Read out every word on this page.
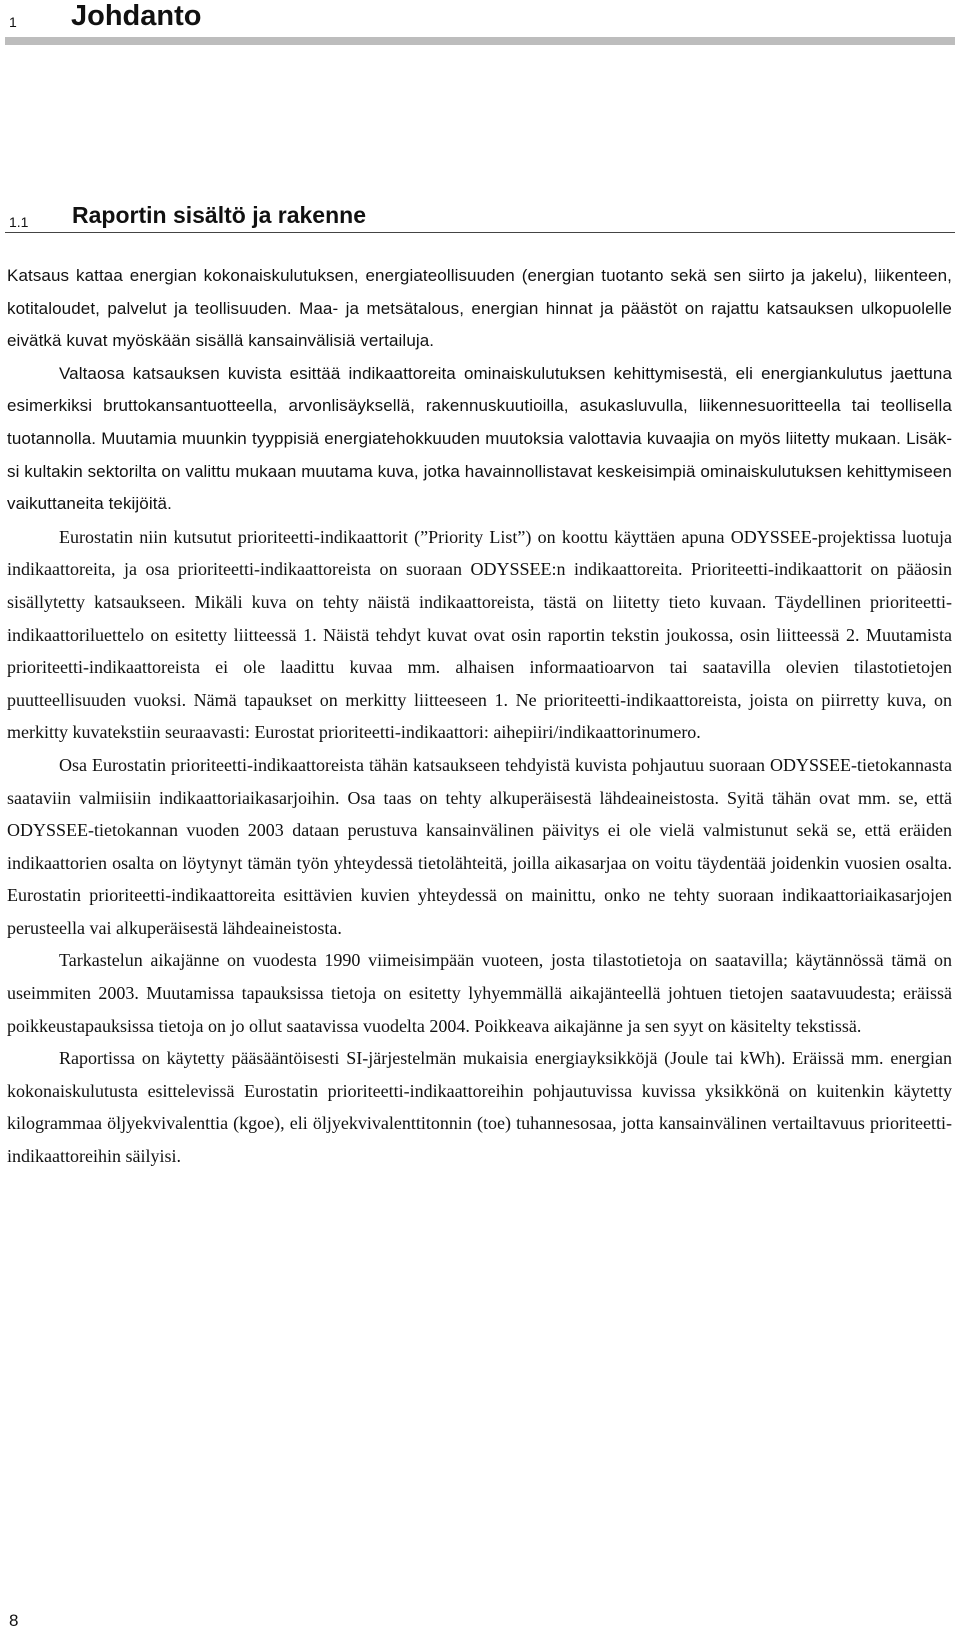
1 Johdanto
1.1 Raportin sisältö ja rakenne

Katsaus kattaa energian kokonaiskulutuksen, energiateollisuuden (energian tuotanto sekä sen siirto ja jakelu), liikenteen, kotitaloudet, palvelut ja teollisuuden. Maa- ja metsätalous, energian hinnat ja päästöt on rajattu katsauksen ulkopuolelle eivätkä kuvat myöskään sisällä kansainvälisiä vertailuja.

Valtaosa katsauksen kuvista esittää indikaattoreita ominaiskulutuksen kehittymisestä, eli energiankulutus jaettuna esimerkiksi bruttokansantuotteella, arvonlisäyksellä, rakennuskuutioilla, asukasluvulla, liikennesuoritteella tai teollisella tuotannolla. Muutamia muunkin tyyppisiä energiatehokkuuden muutoksia valottavia kuvaajia on myös liitetty mukaan. Lisäksi kultakin sektorilta on valittu mukaan muutama kuva, jotka havainnollistavat keskeisimpiä ominaiskulutuksen kehittymiseen vaikuttaneita tekijöitä.

Eurostatin niin kutsutut prioriteetti-indikaattorit (”Priority List”) on koottu käyttäen apuna ODYSSEE-projektissa luotuja indikaattoreita, ja osa prioriteetti-indikaattoreista on suoraan ODYSSEE:n indikaattoreita. Prioriteetti-indikaattorit on pääosin sisällytetty katsaukseen. Mikäli kuva on tehty näistä indikaattoreista, tästä on liitetty tieto kuvaan. Täydellinen prioriteetti-indikaattoriluettelo on esitetty liitteessä 1. Näistä tehdyt kuvat ovat osin raportin tekstin joukossa, osin liitteessä 2. Muutamista prioriteetti-indikaattoreista ei ole laadittu kuvaa mm. alhaisen informaatioarvon tai saatavilla olevien tilastotietojen puutteellisuuden vuoksi. Nämä tapaukset on merkitty liitteeseen 1. Ne prioriteetti-indikaattoreista, joista on piirretty kuva, on merkitty kuvatekstiin seuraavasti: Eurostat prioriteetti-indikaattori: aihepiiri/indikaattorinumero.

Osa Eurostatin prioriteetti-indikaattoreista tähän katsaukseen tehdyistä kuvista pohjautuu suoraan ODYSSEE-tietokannasta saataviin valmiisiin indikaattoriaikasarjoihin. Osa taas on tehty alkuperäisestä lähdeaineistosta. Syitä tähän ovat mm. se, että ODYSSEE-tietokannan vuoden 2003 dataan perustuva kansainvälinen päivitys ei ole vielä valmistunut sekä se, että eräiden indikaattorien osalta on löytynyt tämän työn yhteydessä tietolähteitä, joilla aikasarjaa on voitu täydentää joidenkin vuosien osalta. Eurostatin prioriteetti-indikaattoreita esittävien kuvien yhteydessä on mainittu, onko ne tehty suoraan indikaattoriaikasarjojen perusteella vai alkuperäisestä lähdeaineistosta.

Tarkastelun aikajänne on vuodesta 1990 viimeisimpään vuoteen, josta tilastotietoja on saatavilla; käytännössä tämä on useimmiten 2003. Muutamissa tapauksissa tietoja on esitetty lyhyemmällä aikajänteellä johtuen tietojen saatavuudesta; eräissä poikkeustapauksissa tietoja on jo ollut saatavissa vuodelta 2004. Poikkeava aikajänne ja sen syyt on käsitelty tekstissä.

Raportissa on käytetty pääsääntöisesti SI-järjestelmän mukaisia energiayksikköjä (Joule tai kWh). Eräissä mm. energian kokonaiskulutusta esittelevissä Eurostatin prioriteetti-indikaattoreihin pohjautuvissa kuvissa yksikkönä on kuitenkin käytetty kilogrammaa öljyekvivalenttia (kgoe), eli öljyekvivalenttitonnin (toe) tuhannesosaa, jotta kansainvälinen vertailtavuus prioriteetti-indikaattoreihin säilyisi.

8
